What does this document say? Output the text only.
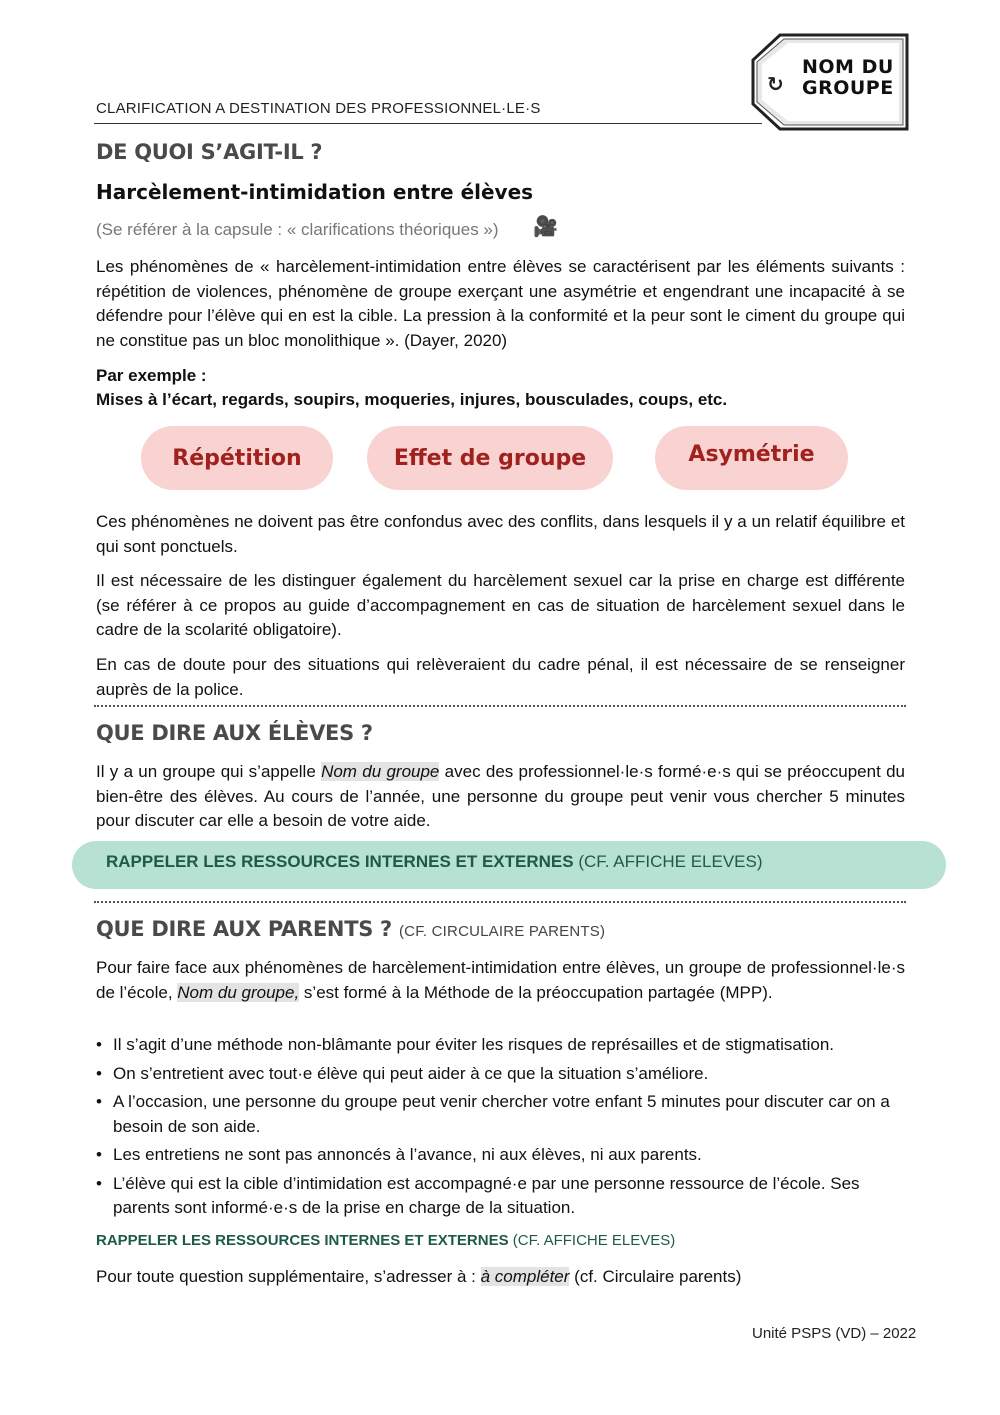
↻
NOM DU
GROUPE
CLARIFICATION A DESTINATION DES PROFESSIONNEL·LE·S
DE QUOI S’AGIT-IL ?
Harcèlement-intimidation entre élèves
(Se référer à la capsule : « clarifications théoriques ») 🎥
Les phénomènes de « harcèlement-intimidation entre élèves se caractérisent par les éléments suivants : répétition de violences, phénomène de groupe exerçant une asymétrie et engendrant une incapacité à se défendre pour l’élève qui en est la cible. La pression à la conformité et la peur sont le ciment du groupe qui ne constitue pas un bloc monolithique ». (Dayer, 2020)
Par exemple :
Mises à l’écart, regards, soupirs, moqueries, injures, bousculades, coups, etc.
Répétition	Effet de groupe	Asymétrie
Ces phénomènes ne doivent pas être confondus avec des conflits, dans lesquels il y a un relatif équilibre et qui sont ponctuels.
Il est nécessaire de les distinguer également du harcèlement sexuel car la prise en charge est différente (se référer à ce propos au guide d’accompagnement en cas de situation de harcèlement sexuel dans le cadre de la scolarité obligatoire).
En cas de doute pour des situations qui relèveraient du cadre pénal, il est nécessaire de se renseigner auprès de la police.
QUE DIRE AUX ÉLÈVES ?
Il y a un groupe qui s’appelle Nom du groupe avec des professionnel·le·s formé·e·s qui se préoccupent du bien-être des élèves. Au cours de l’année, une personne du groupe peut venir vous chercher 5 minutes pour discuter car elle a besoin de votre aide.
RAPPELER LES RESSOURCES INTERNES ET EXTERNES (CF. AFFICHE ELEVES)
QUE DIRE AUX PARENTS ? (CF. CIRCULAIRE PARENTS)
Pour faire face aux phénomènes de harcèlement-intimidation entre élèves, un groupe de professionnel·le·s de l’école, Nom du groupe, s’est formé à la Méthode de la préoccupation partagée (MPP).
• Il s’agit d’une méthode non-blâmante pour éviter les risques de représailles et de stigmatisation.
• On s’entretient avec tout·e élève qui peut aider à ce que la situation s’améliore.
• A l’occasion, une personne du groupe peut venir chercher votre enfant 5 minutes pour discuter car on a besoin de son aide.
• Les entretiens ne sont pas annoncés à l’avance, ni aux élèves, ni aux parents.
• L’élève qui est la cible d’intimidation est accompagné·e par une personne ressource de l’école. Ses parents sont informé·e·s de la prise en charge de la situation.
RAPPELER LES RESSOURCES INTERNES ET EXTERNES (CF. AFFICHE ELEVES)
Pour toute question supplémentaire, s’adresser à : à compléter (cf. Circulaire parents)
Unité PSPS (VD) – 2022
